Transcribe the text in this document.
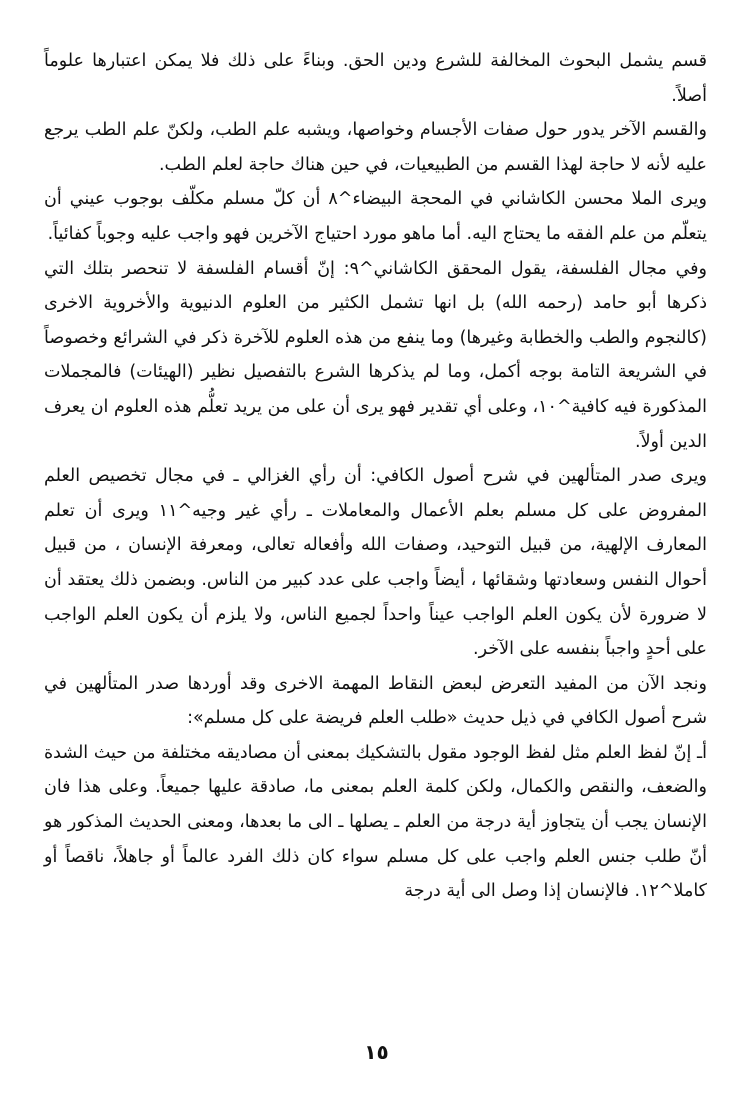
قسم يشمل البحوث المخالفة للشرع ودين الحق. وبناءً على ذلك فلا يمكن اعتبارها علوماً أصلاً.

والقسم الآخر يدور حول صفات الأجسام وخواصها، ويشبه علم الطب، ولكنّ علم الطب يرجع عليه لأنه لا حاجة لهذا القسم من الطبيعيات، في حين هناك حاجة لعلم الطب.

ويرى الملا محسن الكاشاني في المحجة البيضاء^٨ أن كلّ مسلم مكلّف بوجوب عيني أن يتعلّم من علم الفقه ما يحتاج اليه. أما ماهو مورد احتياج الآخرين فهو واجب عليه وجوباً كفائياً.

وفي مجال الفلسفة، يقول المحقق الكاشاني^٩: إنّ أقسام الفلسفة لا تنحصر بتلك التي ذكرها أبو حامد (رحمه الله) بل انها تشمل الكثير من العلوم الدنيوية والأخروية الاخرى (كالنجوم والطب والخطابة وغيرها) وما ينفع من هذه العلوم للآخرة ذكر في الشرائع وخصوصاً في الشريعة التامة بوجه أكمل، وما لم يذكرها الشرع بالتفصيل نظير (الهيئات) فالمجملات المذكورة فيه كافية^١٠، وعلى أي تقدير فهو يرى أن على من يريد تعلُّم هذه العلوم ان يعرف الدين أولاً.

ويرى صدر المتألهين في شرح أصول الكافي: أن رأي الغزالي ـ في مجال تخصيص العلم المفروض على كل مسلم بعلم الأعمال والمعاملات ـ رأي غير وجيه^١١ ويرى أن تعلم المعارف الإلهية، من قبيل التوحيد، وصفات الله وأفعاله تعالى، ومعرفة الإنسان ، من قبيل أحوال النفس وسعادتها وشقائها ، أيضاً واجب على عدد كبير من الناس. وبضمن ذلك يعتقد أن لا ضرورة لأن يكون العلم الواجب عيناً واحداً لجميع الناس، ولا يلزم أن يكون العلم الواجب على أحدٍ واجباً بنفسه على الآخر.

ونجد الآن من المفيد التعرض لبعض النقاط المهمة الاخرى وقد أوردها صدر المتألهين في شرح أصول الكافي في ذيل حديث «طلب العلم فريضة على كل مسلم»:

أـ إنّ لفظ العلم مثل لفظ الوجود مقول بالتشكيك بمعنى أن مصاديقه مختلفة من حيث الشدة والضعف، والنقص والكمال، ولكن كلمة العلم بمعنى ما، صادقة عليها جميعاً. وعلى هذا فان الإنسان يجب أن يتجاوز أية درجة من العلم ـ يصلها ـ الى ما بعدها، ومعنى الحديث المذكور هو أنّ طلب جنس العلم واجب على كل مسلم سواء كان ذلك الفرد عالماً أو جاهلاً، ناقصاً أو كاملا^١٢. فالإنسان إذا وصل الى أية درجة

١٥
